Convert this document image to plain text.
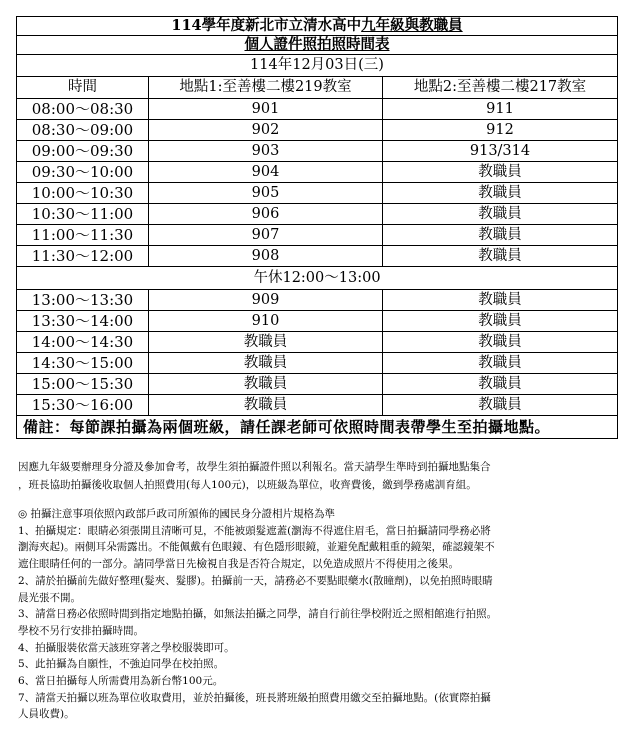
114學年度新北市立清水高中九年級與教職員		
個人證件照拍照時間表		
114年12月03日(三)		
時間	地點1:至善樓二樓219教室	地點2:至善樓二樓217教室
08:00～08:30	901	911
08:30～09:00	902	912
09:00～09:30	903	913/314
09:30～10:00	904	教職員
10:00～10:30	905	教職員
10:30～11:00	906	教職員
11:00～11:30	907	教職員
11:30～12:00	908	教職員
午休12:00～13:00		
13:00～13:30	909	教職員
13:30～14:00	910	教職員
14:00～14:30	教職員	教職員
14:30～15:00	教職員	教職員
15:00～15:30	教職員	教職員
15:30～16:00	教職員	教職員
備註：每節課拍攝為兩個班級，請任課老師可依照時間表帶學生至拍攝地點。		

因應九年級要辦理身分證及參加會考，故學生須拍攝證件照以利報名。當天請學生準時到拍攝地點集合

，班長協助拍攝後收取個人拍照費用(每人100元)，以班級為單位，收齊費後，繳到學務處訓育組。

◎ 拍攝注意事項依照內政部戶政司所頒佈的國民身分證相片規格為準

1、拍攝規定：眼睛必須張開且清晰可見，不能被頭髮遮蓋(瀏海不得遮住眉毛，當日拍攝請同學務必將

瀏海夾起)。兩側耳朵需露出。不能佩戴有色眼鏡、有色隱形眼鏡，並避免配戴粗重的鏡架，確認鏡架不

遮住眼睛任何的一部分。請同學當日先檢視自我是否符合規定，以免造成照片不得使用之後果。

2、請於拍攝前先做好整理(髮夾、髮膠)。拍攝前一天，請務必不要點眼藥水(散瞳劑)，以免拍照時眼睛

晨光張不開。

3、請當日務必依照時間到指定地點拍攝，如無法拍攝之同學，請自行前往學校附近之照相館進行拍照。

學校不另行安排拍攝時間。

4、拍攝服裝依當天該班穿著之學校服裝即可。

5、此拍攝為自願性，不強迫同學在校拍照。

6、當日拍攝每人所需費用為新台幣100元。

7、請當天拍攝以班為單位收取費用，並於拍攝後，班長將班級拍照費用繳交至拍攝地點。(依實際拍攝

人員收費)。
